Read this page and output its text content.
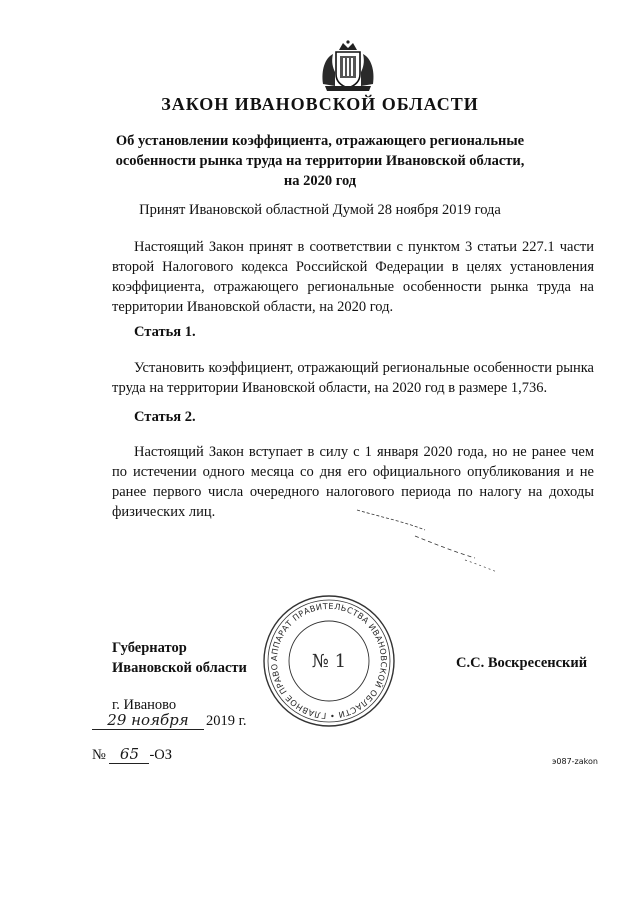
ЗАКОН ИВАНОВСКОЙ ОБЛАСТИ
Об установлении коэффициента, отражающего региональные
особенности рынка труда на территории Ивановской области,
на 2020 год
Принят Ивановской областной Думой 28 ноября 2019 года
Настоящий Закон принят в соответствии с пунктом 3 статьи 227.1 части второй Налогового кодекса Российской Федерации в целях установления коэффициента, отражающего региональные особенности рынка труда на территории Ивановской области, на 2020 год.
Статья 1.
Установить коэффициент, отражающий региональные особенности рынка труда на территории Ивановской области, на 2020 год в размере 1,736.
Статья 2.
Настоящий Закон вступает в силу с 1 января 2020 года, но не ранее чем по истечении одного месяца со дня его официального опубликования и не ранее первого числа очередного налогового периода по налогу на доходы физических лиц.
АППАРАТ ПРАВИТЕЛЬСТВА ИВАНОВСКОЙ ОБЛАСТИ • ГЛАВНОЕ ПРАВО	№ 1
Губернатор
Ивановской области	С.С. Воскресенский
г. Иваново
29 ноября 2019 г.
№ 65 -ОЗ	э087-zakon
